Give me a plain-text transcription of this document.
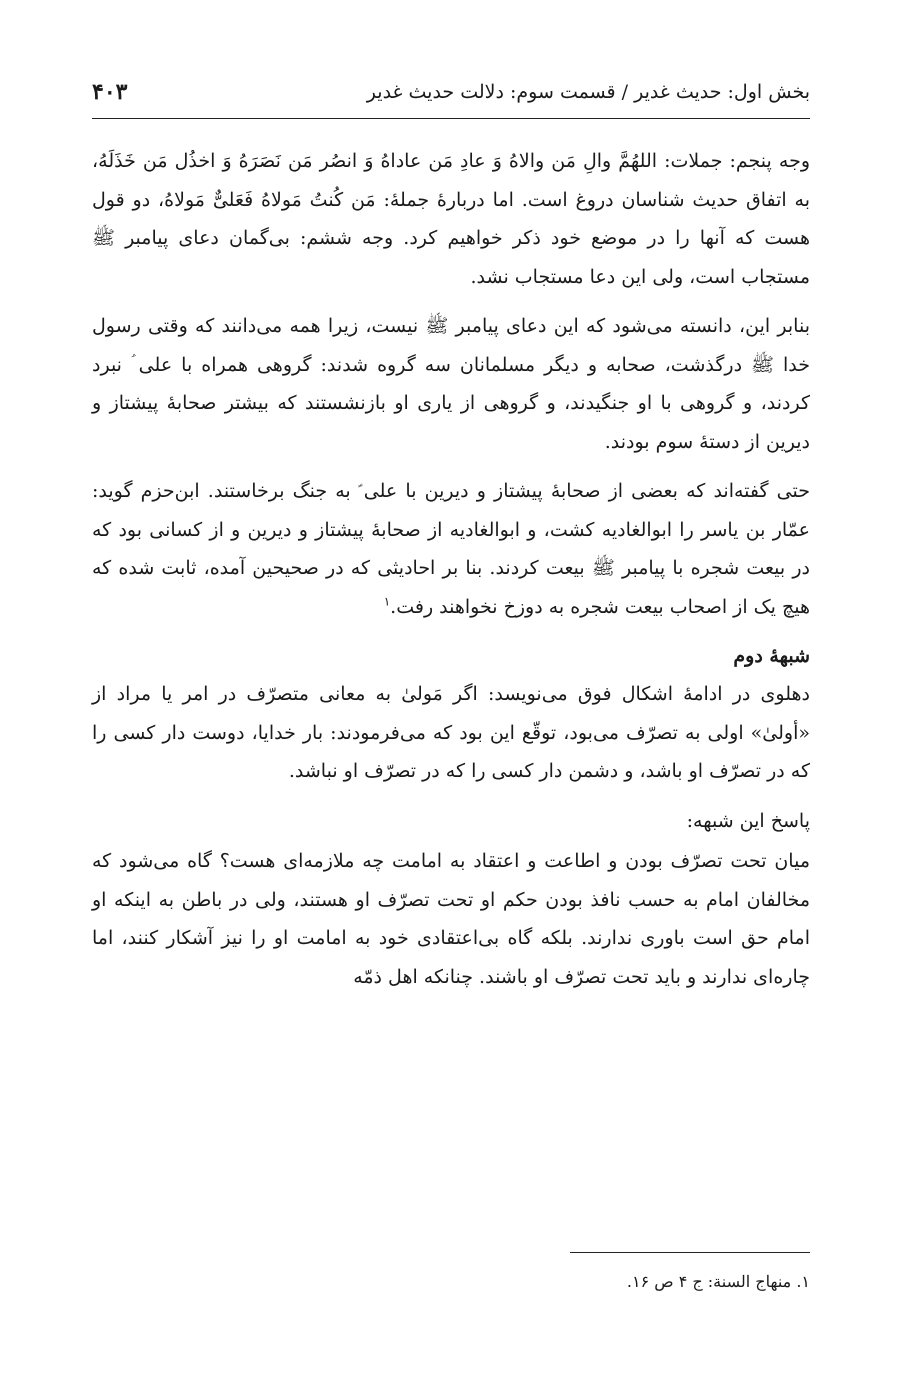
بخش اول: حدیث غدیر / قسمت سوم: دلالت حدیث غدیر
۴۰۳

وجه پنجم: جملات: اللهُمَّ والِ مَن والاهُ وَ عادِ مَن عاداهُ وَ انصُر مَن نَصَرَهُ وَ اخذُل مَن خَذَلَهُ، به اتفاق حدیث شناسان دروغ است. اما دربارهٔ جملهٔ: مَن کُنتُ مَولاهُ فَعَلیٌّ مَولاهُ، دو قول هست که آنها را در موضع خود ذکر خواهیم کرد. وجه ششم: بی‌گمان دعای پیامبر ﷺ مستجاب است، ولی این دعا مستجاب نشد.

بنابر این، دانسته می‌شود که این دعای پیامبر ﷺ نیست، زیرا همه می‌دانند که وقتی رسول خدا ﷺ درگذشت، صحابه و دیگر مسلمانان سه گروه شدند: گروهی همراه با علی ؑ نبرد کردند، و گروهی با او جنگیدند، و گروهی از یاری او بازنشستند که بیشتر صحابهٔ پیشتاز و دیرین از دستهٔ سوم بودند.

حتی گفته‌اند که بعضی از صحابهٔ پیشتاز و دیرین با علی ؑ به جنگ برخاستند. ابن‌حزم گوید: عمّار بن یاسر را ابوالغادیه کشت، و ابوالغادیه از صحابهٔ پیشتاز و دیرین و از کسانی بود که در بیعت شجره با پیامبر ﷺ بیعت کردند. بنا بر احادیثی که در صحیحین آمده، ثابت شده که هیچ یک از اصحاب بیعت شجره به دوزخ نخواهند رفت.$^۱$

شبههٔ دوم

دهلوی در ادامهٔ اشکال فوق می‌نویسد: اگر مَولیٰ به معانی متصرّف در امر یا مراد از «أولیٰ» اولی به تصرّف می‌بود، توقّع این بود که می‌فرمودند: بار خدایا، دوست دار کسی را که در تصرّف او باشد، و دشمن دار کسی را که در تصرّف او نباشد.

پاسخ این شبهه:

میان تحت تصرّف بودن و اطاعت و اعتقاد به امامت چه ملازمه‌ای هست؟ گاه می‌شود که مخالفان امام به حسب نافذ بودن حکم او تحت تصرّف او هستند، ولی در باطن به اینکه او امام حق است باوری ندارند. بلکه گاه بی‌اعتقادی خود به امامت او را نیز آشکار کنند، اما چاره‌ای ندارند و باید تحت تصرّف او باشند. چنانکه اهل ذمّه

۱. منهاج السنة: ج ۴ ص ۱۶.
